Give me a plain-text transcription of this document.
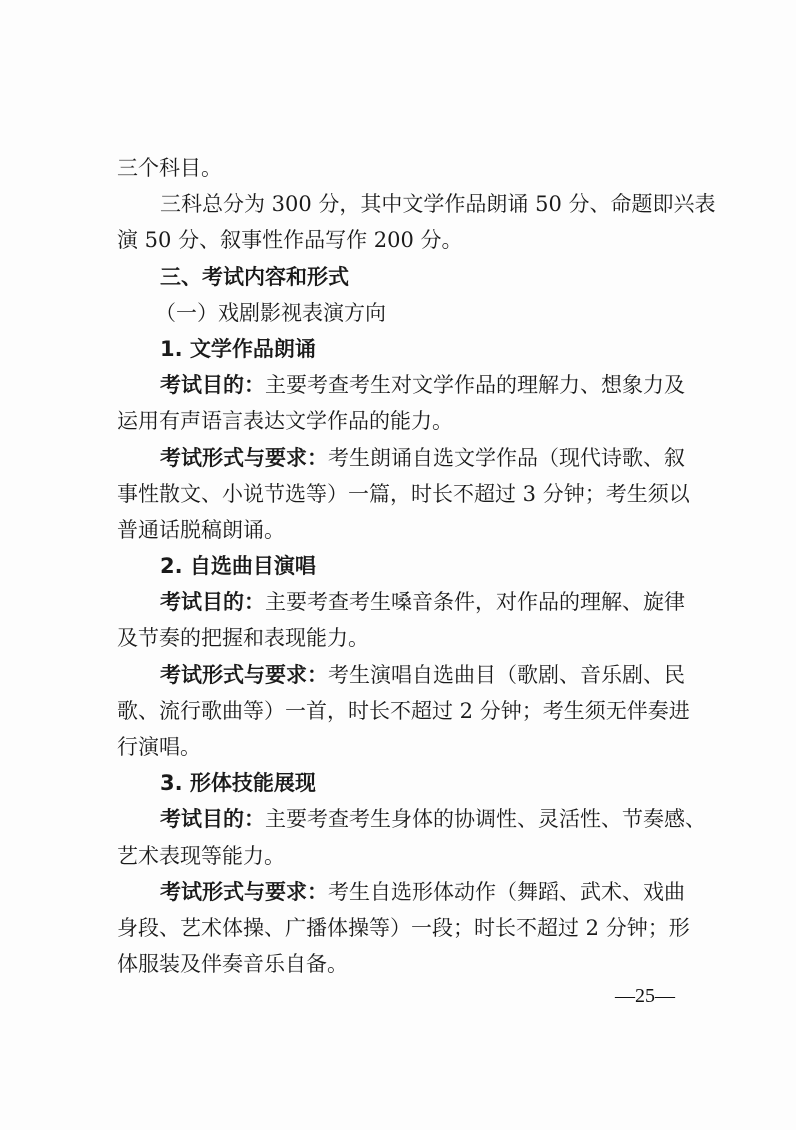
三个科目。
三科总分为 300 分，其中文学作品朗诵 50 分、命题即兴表
演 50 分、叙事性作品写作 200 分。
三、考试内容和形式
（一）戏剧影视表演方向
1. 文学作品朗诵
考试目的：主要考查考生对文学作品的理解力、想象力及
运用有声语言表达文学作品的能力。
考试形式与要求：考生朗诵自选文学作品（现代诗歌、叙
事性散文、小说节选等）一篇，时长不超过 3 分钟；考生须以
普通话脱稿朗诵。
2. 自选曲目演唱
考试目的：主要考查考生嗓音条件，对作品的理解、旋律
及节奏的把握和表现能力。
考试形式与要求：考生演唱自选曲目（歌剧、音乐剧、民
歌、流行歌曲等）一首，时长不超过 2 分钟；考生须无伴奏进
行演唱。
3. 形体技能展现
考试目的：主要考查考生身体的协调性、灵活性、节奏感、
艺术表现等能力。
考试形式与要求：考生自选形体动作（舞蹈、武术、戏曲
身段、艺术体操、广播体操等）一段；时长不超过 2 分钟；形
体服装及伴奏音乐自备。
—25—
